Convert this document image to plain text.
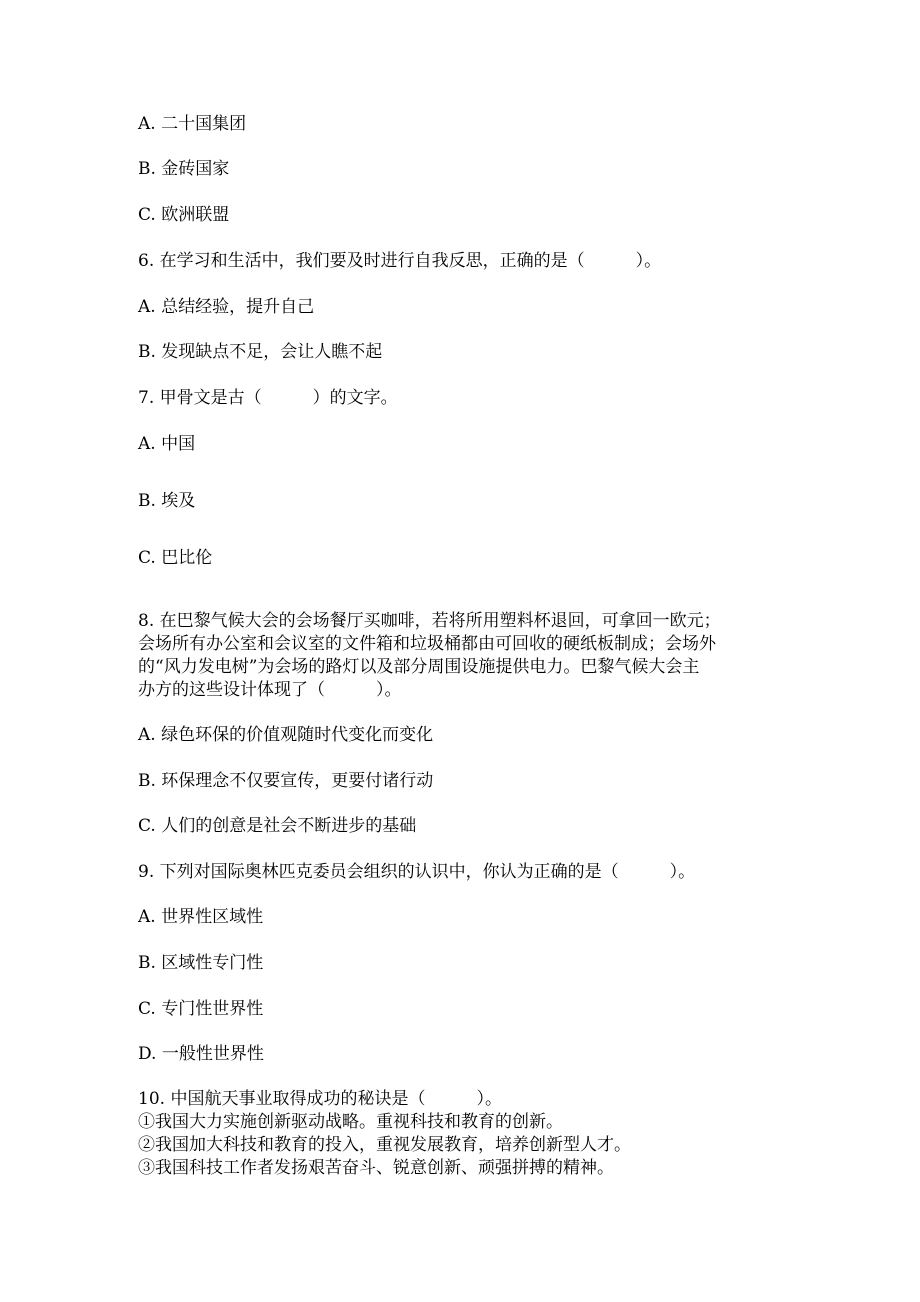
A. 二十国集团
B. 金砖国家
C. 欧洲联盟
6. 在学习和生活中，我们要及时进行自我反思，正确的是（　　　）。
A. 总结经验，提升自己
B. 发现缺点不足，会让人瞧不起
7. 甲骨文是古（　　　）的文字。
A. 中国
B. 埃及
C. 巴比伦
8. 在巴黎气候大会的会场餐厅买咖啡，若将所用塑料杯退回，可拿回一欧元；
会场所有办公室和会议室的文件箱和垃圾桶都由可回收的硬纸板制成；会场外
的“风力发电树”为会场的路灯以及部分周围设施提供电力。巴黎气候大会主
办方的这些设计体现了（　　　）。
A. 绿色环保的价值观随时代变化而变化
B. 环保理念不仅要宣传，更要付诸行动
C. 人们的创意是社会不断进步的基础
9. 下列对国际奥林匹克委员会组织的认识中，你认为正确的是（　　　）。
A. 世界性区域性
B. 区域性专门性
C. 专门性世界性
D. 一般性世界性
10. 中国航天事业取得成功的秘诀是（　　　）。
①我国大力实施创新驱动战略。重视科技和教育的创新。
②我国加大科技和教育的投入，重视发展教育，培养创新型人才。
③我国科技工作者发扬艰苦奋斗、锐意创新、顽强拼搏的精神。
